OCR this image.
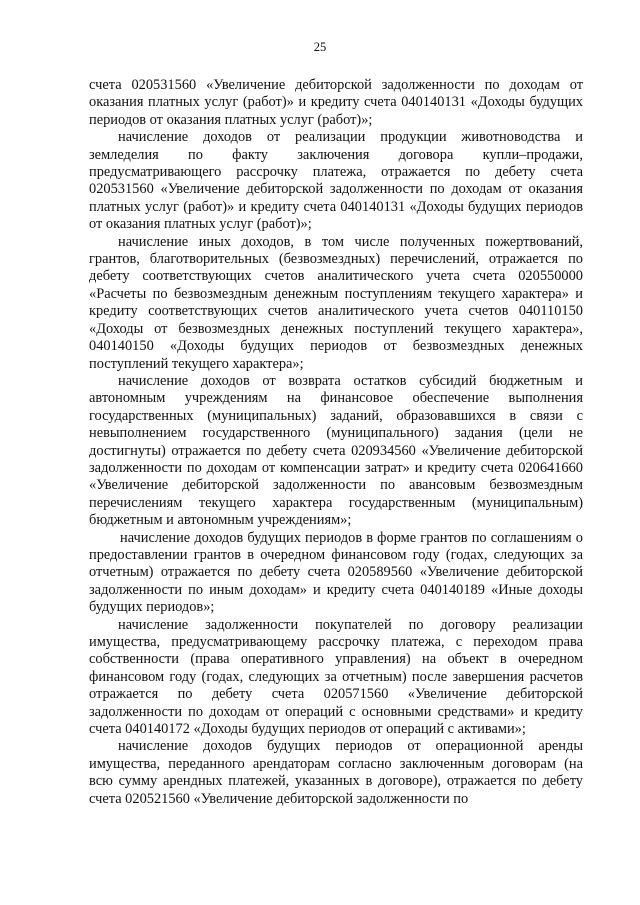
25

счета 020531560 «Увеличение дебиторской задолженности по доходам от оказания платных услуг (работ)» и кредиту счета 040140131 «Доходы будущих периодов от оказания платных услуг (работ)»;

начисление доходов от реализации продукции животноводства и земледелия по факту заключения договора купли–продажи, предусматривающего рассрочку платежа, отражается по дебету счета 020531560 «Увеличение дебиторской задолженности по доходам от оказания платных услуг (работ)» и кредиту счета 040140131 «Доходы будущих периодов от оказания платных услуг (работ)»;

начисление иных доходов, в том числе полученных пожертвований, грантов, благотворительных (безвозмездных) перечислений, отражается по дебету соответствующих счетов аналитического учета счета 020550000 «Расчеты по безвозмездным денежным поступлениям текущего характера» и кредиту соответствующих счетов аналитического учета счетов 040110150 «Доходы от безвозмездных денежных поступлений текущего характера», 040140150 «Доходы будущих периодов от безвозмездных денежных поступлений текущего характера»;

начисление доходов от возврата остатков субсидий бюджетным и автономным учреждениям на финансовое обеспечение выполнения государственных (муниципальных) заданий, образовавшихся в связи с невыполнением государственного (муниципального) задания (цели не достигнуты) отражается по дебету счета 020934560 «Увеличение дебиторской задолженности по доходам от компенсации затрат» и кредиту счета 020641660 «Увеличение дебиторской задолженности по авансовым безвозмездным перечислениям текущего характера государственным (муниципальным) бюджетным и автономным учреждениям»;

начисление доходов будущих периодов в форме грантов по соглашениям о предоставлении грантов в очередном финансовом году (годах, следующих за отчетным) отражается по дебету счета 020589560 «Увеличение дебиторской задолженности по иным доходам» и кредиту счета 040140189 «Иные доходы будущих периодов»;

начисление задолженности покупателей по договору реализации имущества, предусматривающему рассрочку платежа, с переходом права собственности (права оперативного управления) на объект в очередном финансовом году (годах, следующих за отчетным) после завершения расчетов отражается по дебету счета 020571560 «Увеличение дебиторской задолженности по доходам от операций с основными средствами» и кредиту счета 040140172 «Доходы будущих периодов от операций с активами»;

начисление доходов будущих периодов от операционной аренды имущества, переданного арендаторам согласно заключенным договорам (на всю сумму арендных платежей, указанных в договоре), отражается по дебету счета 020521560 «Увеличение дебиторской задолженности по
